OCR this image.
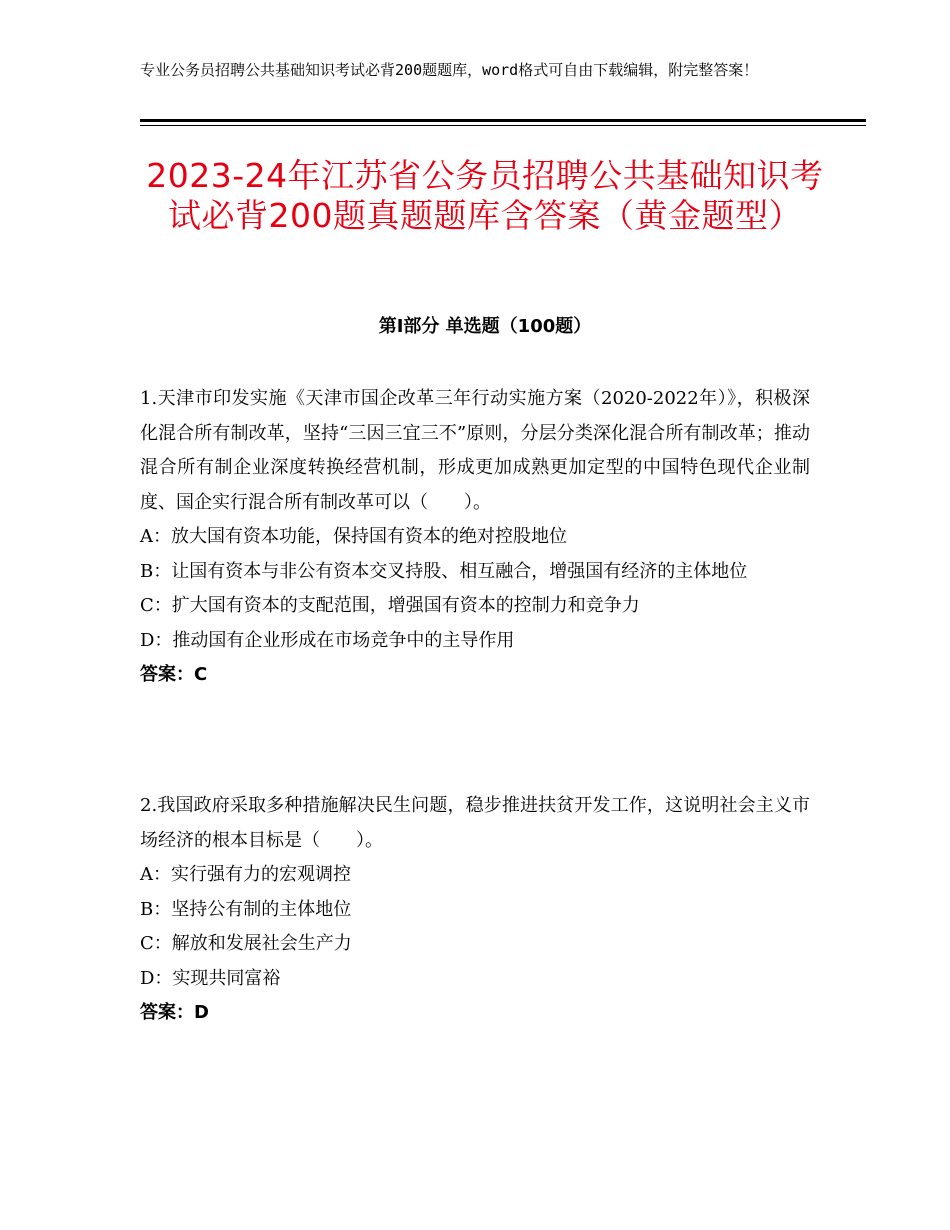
专业公务员招聘公共基础知识考试必背200题题库，word格式可自由下载编辑，附完整答案！
2023-24年江苏省公务员招聘公共基础知识考试必背200题真题题库含答案（黄金题型）
第Ⅰ部分 单选题（100题）

1.天津市印发实施《天津市国企改革三年行动实施方案（2020-2022年）》，积极深化混合所有制改革，坚持“三因三宜三不”原则，分层分类深化混合所有制改革；推动混合所有制企业深度转换经营机制，形成更加成熟更加定型的中国特色现代企业制度、国企实行混合所有制改革可以（　　）。

A：放大国有资本功能，保持国有资本的绝对控股地位

B：让国有资本与非公有资本交叉持股、相互融合，增强国有经济的主体地位

C：扩大国有资本的支配范围，增强国有资本的控制力和竞争力

D：推动国有企业形成在市场竞争中的主导作用

答案：C

2.我国政府采取多种措施解决民生问题，稳步推进扶贫开发工作，这说明社会主义市场经济的根本目标是（　　）。

A：实行强有力的宏观调控

B：坚持公有制的主体地位

C：解放和发展社会生产力

D：实现共同富裕

答案：D
